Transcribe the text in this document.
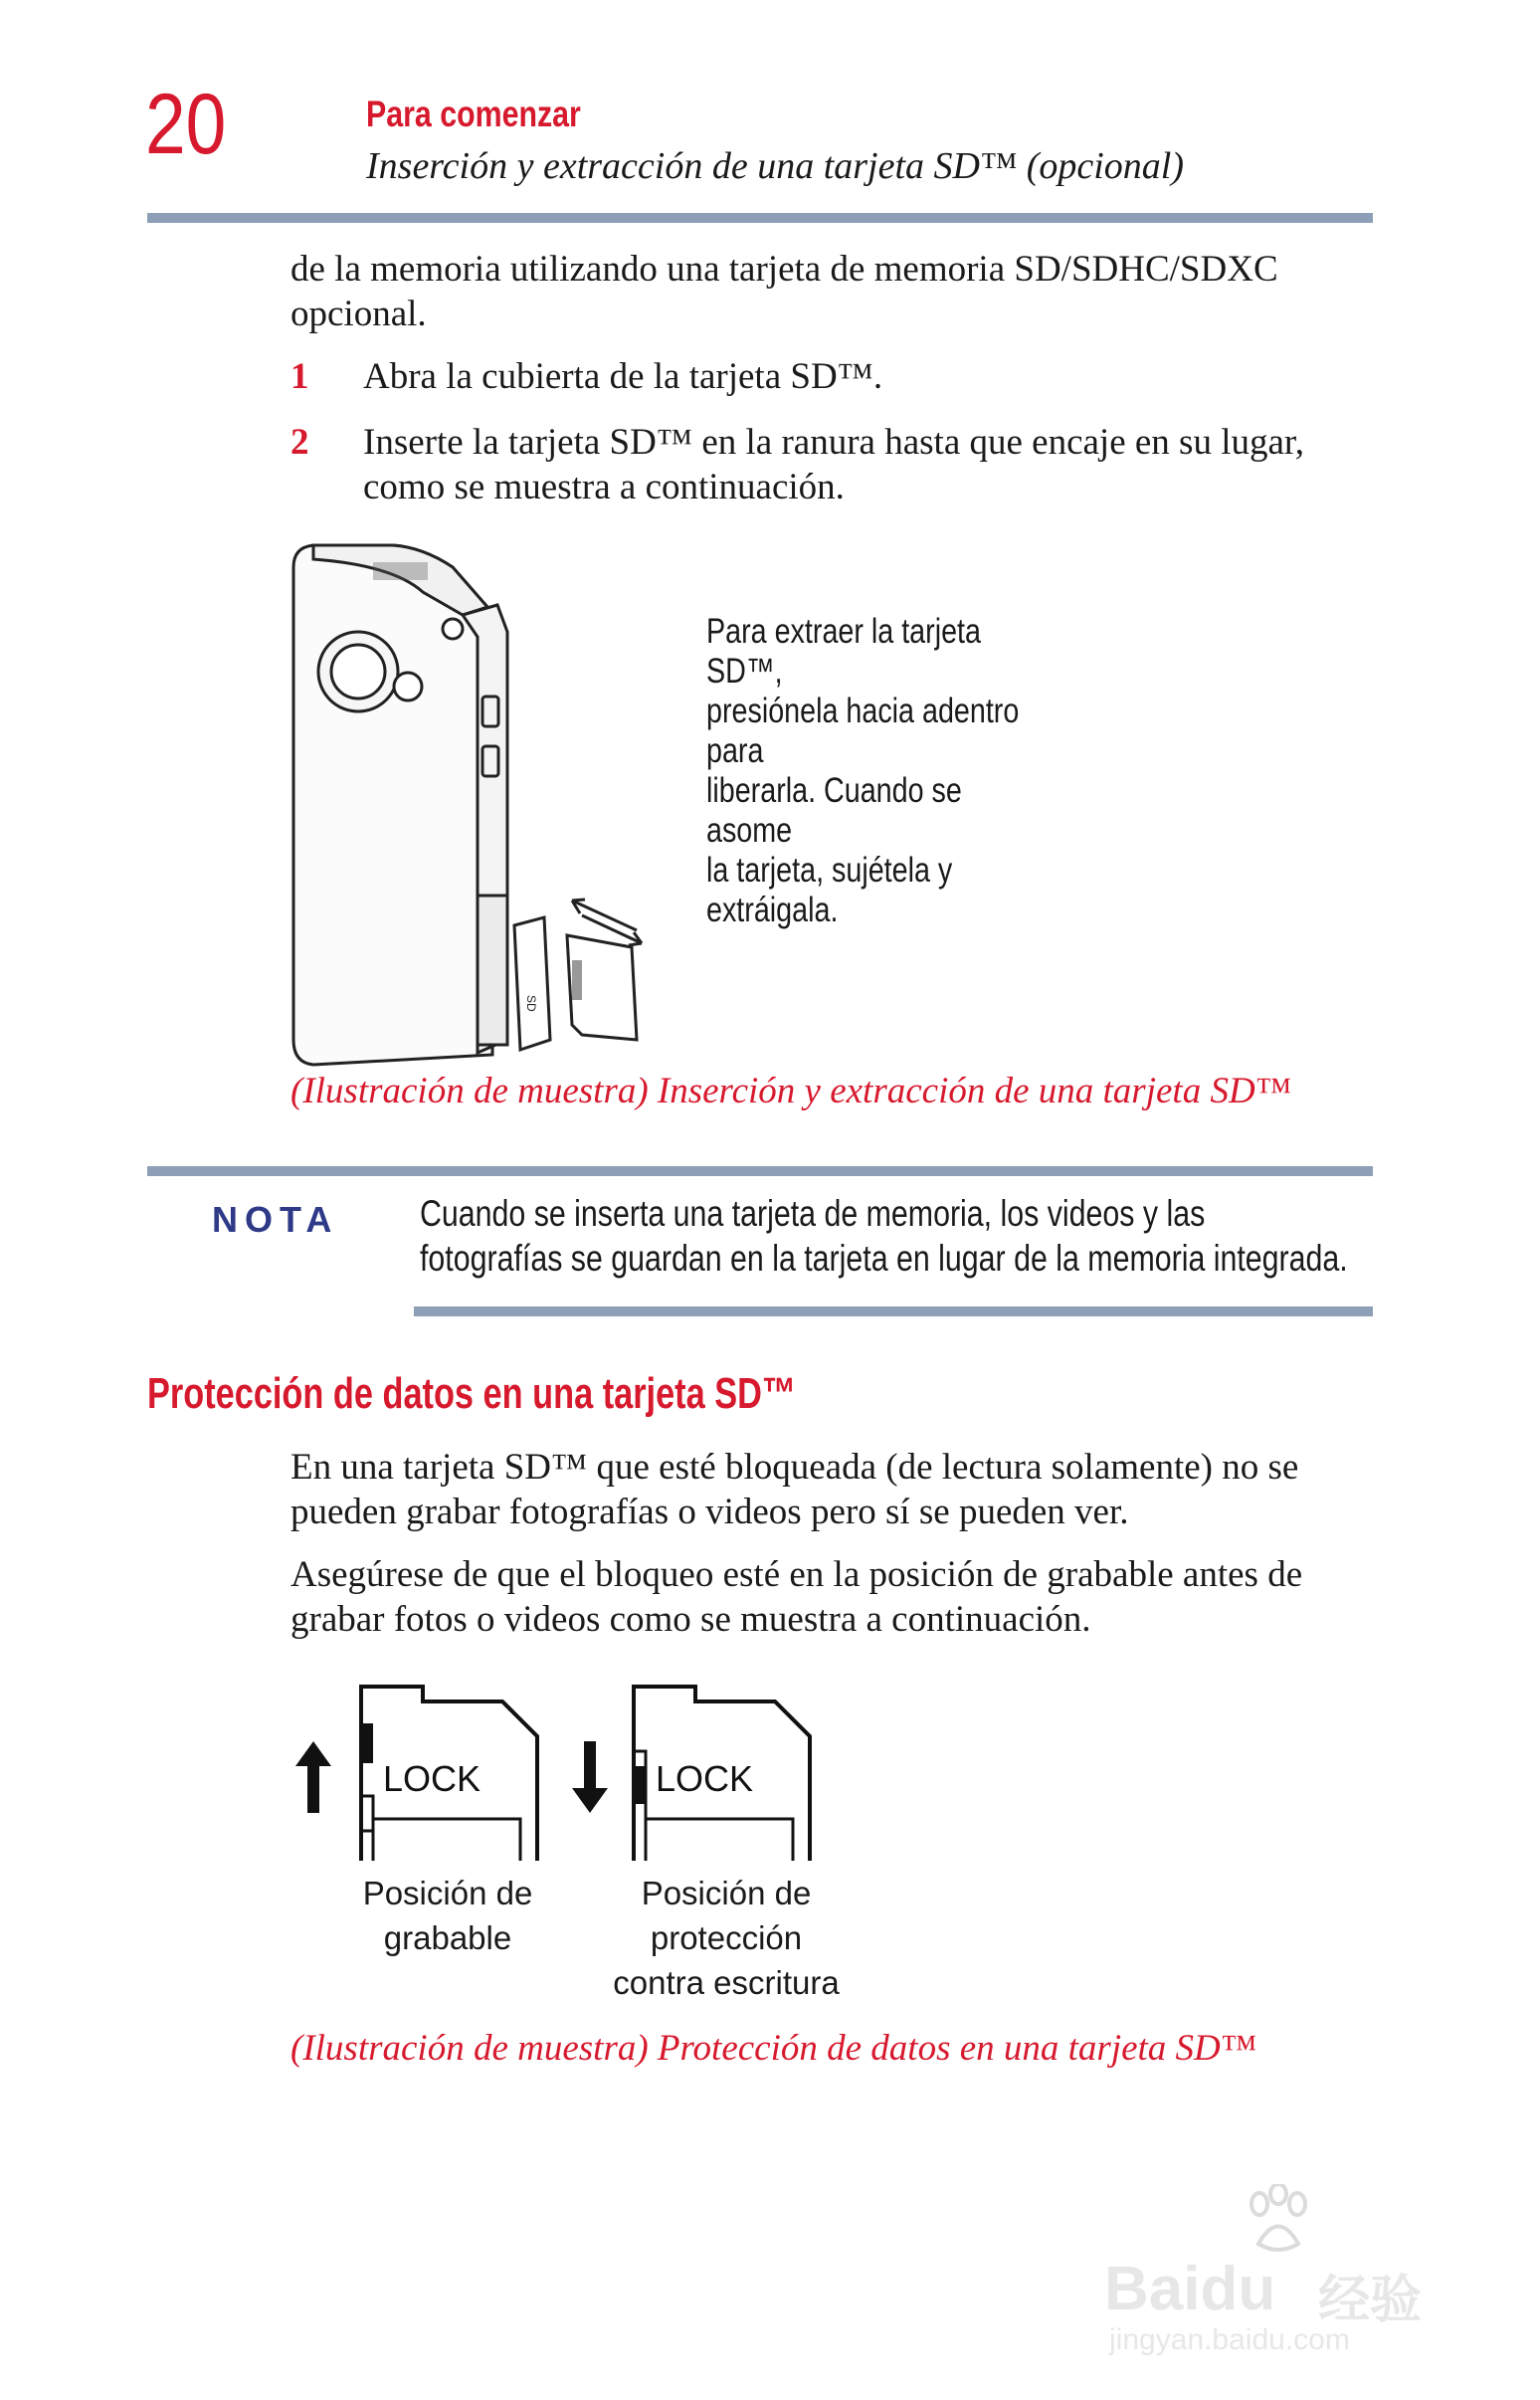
20	Para comenzar
Inserción y extracción de una tarjeta SD™ (opcional)
de la memoria utilizando una tarjeta de memoria SD/SDHC/SDXC opcional.
1 Abra la cubierta de la tarjeta SD™.
2 Inserte la tarjeta SD™ en la ranura hasta que encaje en su lugar, como se muestra a continuación.
SD
Para extraer la tarjeta SD™,
presiónela hacia adentro para
liberarla. Cuando se asome
la tarjeta, sujétela y extráigala.
(Ilustración de muestra) Inserción y extracción de una tarjeta SD™
NOTA Cuando se inserta una tarjeta de memoria, los videos y las
fotografías se guardan en la tarjeta en lugar de la memoria integrada.
Protección de datos en una tarjeta SD™
En una tarjeta SD™ que esté bloqueada (de lectura solamente) no se pueden grabar fotografías o videos pero sí se pueden ver.
Asegúrese de que el bloqueo esté en la posición de grabable antes de grabar fotos o videos como se muestra a continuación.
LOCK	LOCK
Posición de
grabable
Posición de
protección
contra escritura
(Ilustración de muestra) Protección de datos en una tarjeta SD™
Baidu 经验
jingyan.baidu.com
